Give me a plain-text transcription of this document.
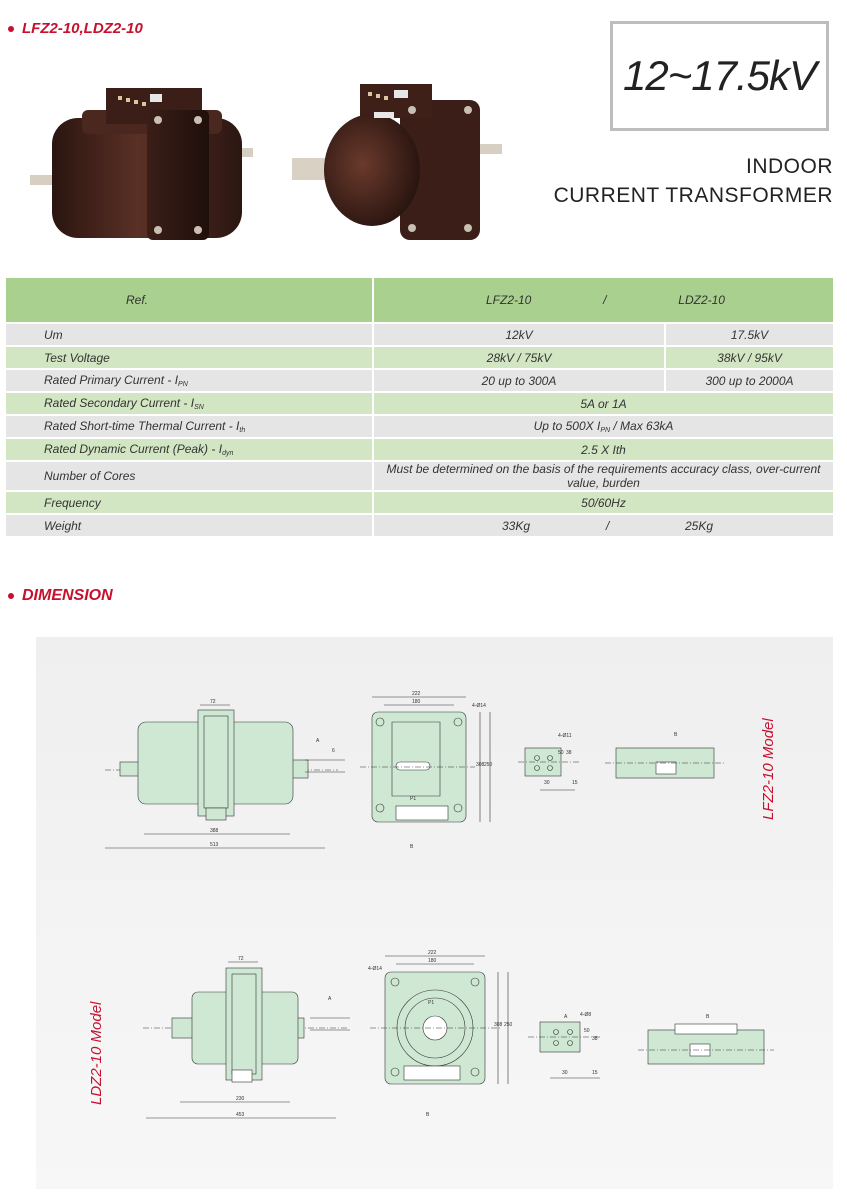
LFZ2-10,LDZ2-10
12~17.5kV
INDOOR
CURRENT TRANSFORMER
Ref.	LFZ2-10 / LDZ2-10	

Um	12kV	17.5kV
Test Voltage	28kV / 75kV	38kV / 95kV
Rated Primary Current - $I_{PN}$	20 up to 300A	300 up to 2000A
Rated Secondary Current - $I_{SN}$	5A or 1A	
Rated Short-time Thermal Current - $I_{th}$	Up to 500X $I_{PN}$ / Max 63kA	
Rated Dynamic Current (Peak) - $I_{dyn}$	2.5 X Ith	
Number of Cores	Must be determined on the basis of the requirements accuracy class, over-current value, burden	
Frequency	50/60Hz	
Weight	33Kg / 25Kg	
DIMENSION
72
388
513
A
6
222
180
4-Ø14
308 250
P1
B
4-Ø11
30	15
50 38
B
72
230
453
A
222
180
4-Ø14
308 250
P1
B
A	4-Ø8
30	15
50
38
B
LFZ2-10 Model
LDZ2-10 Model
